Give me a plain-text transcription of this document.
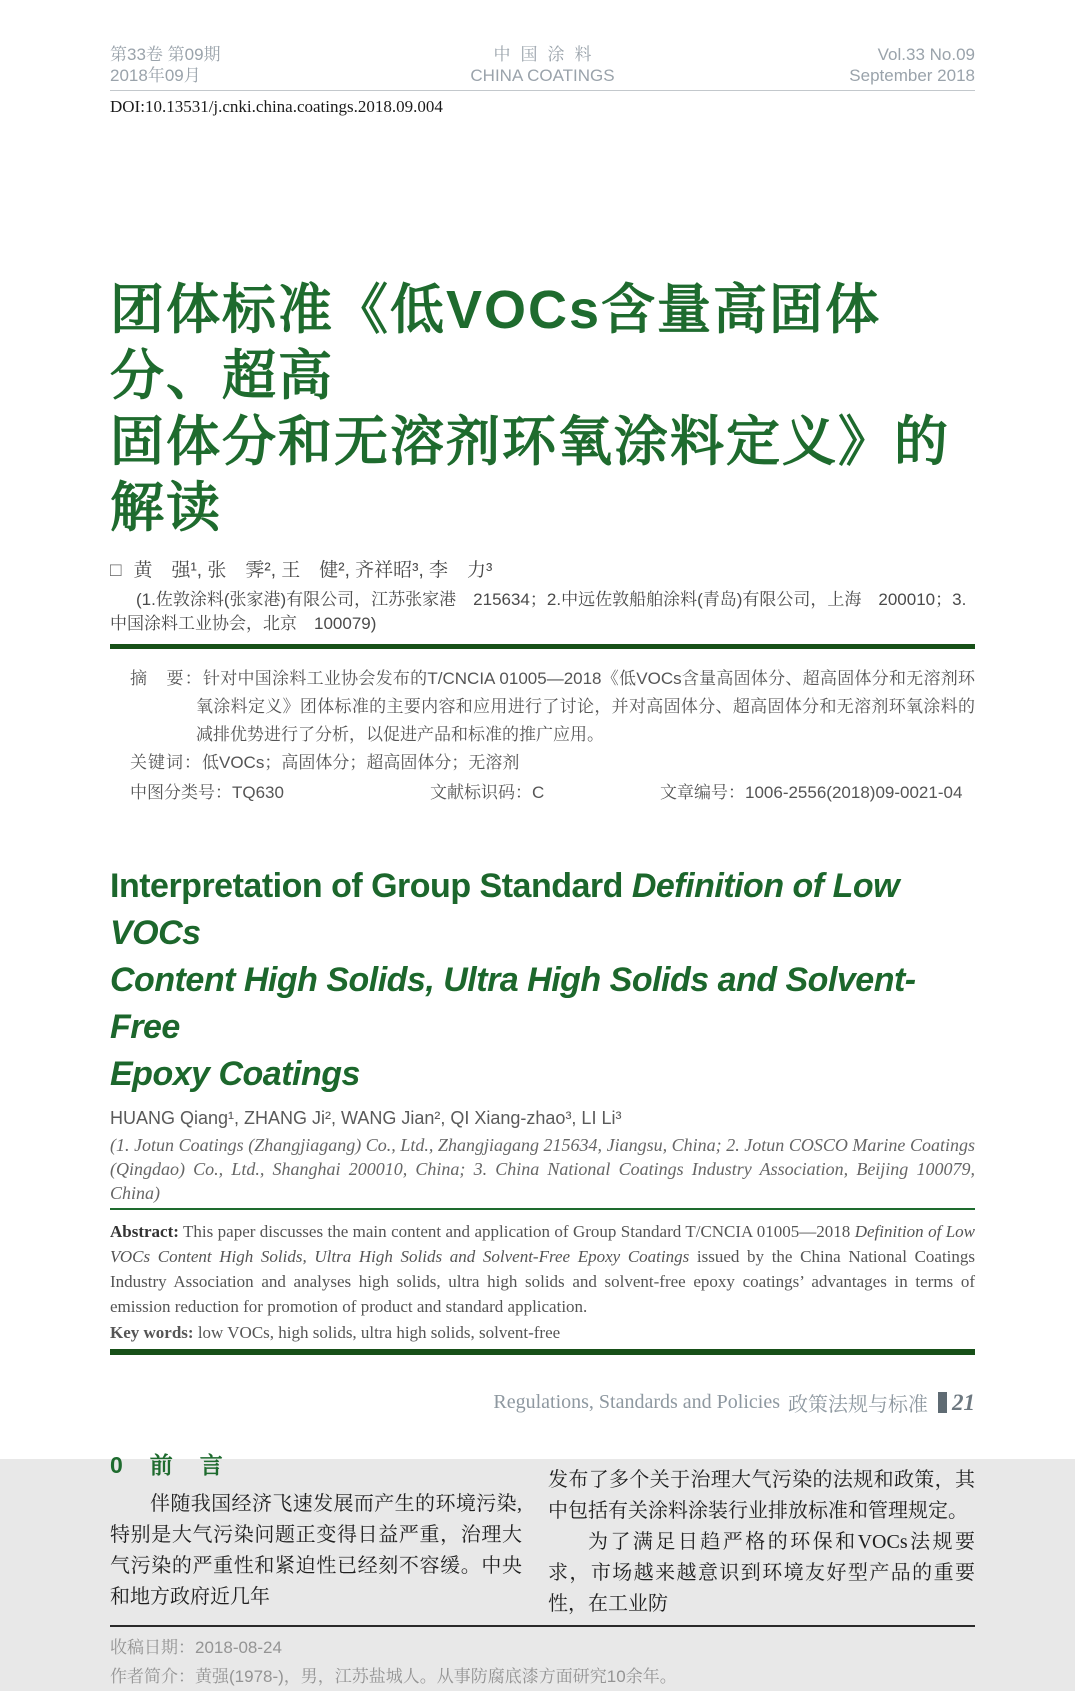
第33卷 第09期
2018年09月
中国涂料
CHINA COATINGS
Vol.33 No.09
September 2018
DOI:10.13531/j.cnki.china.coatings.2018.09.004
团体标准《低VOCs含量高固体分、超高
固体分和无溶剂环氧涂料定义》的解读
□ 黄　强¹, 张　霁², 王　健², 齐祥昭³, 李　力³
(1.佐敦涂料(张家港)有限公司，江苏张家港　215634；2.中远佐敦船舶涂料(青岛)有限公司，上海　200010；3.中国涂料工业协会，北京　100079)

摘　要：针对中国涂料工业协会发布的T/CNCIA 01005—2018《低VOCs含量高固体分、超高固体分和无溶剂环氧涂料定义》团体标准的主要内容和应用进行了讨论，并对高固体分、超高固体分和无溶剂环氧涂料的减排优势进行了分析，以促进产品和标准的推广应用。

关键词：低VOCs；高固体分；超高固体分；无溶剂

中图分类号：TQ630	文献标识码：C	文章编号：1006-2556(2018)09-0021-04
Interpretation of Group Standard Definition of Low VOCs
Content High Solids, Ultra High Solids and Solvent-Free
Epoxy Coatings
HUANG Qiang¹, ZHANG Ji², WANG Jian², QI Xiang-zhao³, LI Li³
(1. Jotun Coatings (Zhangjiagang) Co., Ltd., Zhangjiagang 215634, Jiangsu, China; 2. Jotun COSCO Marine Coatings (Qingdao) Co., Ltd., Shanghai 200010, China; 3. China National Coatings Industry Association, Beijing 100079, China)
Abstract: This paper discusses the main content and application of Group Standard T/CNCIA 01005—2018 Definition of Low VOCs Content High Solids, Ultra High Solids and Solvent-Free Epoxy Coatings issued by the China National Coatings Industry Association and analyses high solids, ultra high solids and solvent-free epoxy coatings’ advantages in terms of emission reduction for promotion of product and standard application.
Key words: low VOCs, high solids, ultra high solids, solvent-free
0　前　言

伴随我国经济飞速发展而产生的环境污染, 特别是大气污染问题正变得日益严重，治理大气污染的严重性和紧迫性已经刻不容缓。中央和地方政府近几年

发布了多个关于治理大气污染的法规和政策，其中包括有关涂料涂装行业排放标准和管理规定。

为了满足日趋严格的环保和VOCs法规要求，市场越来越意识到环境友好型产品的重要性，在工业防

收稿日期：2018-08-24
作者简介：黄强(1978-)，男，江苏盐城人。从事防腐底漆方面研究10余年。
Regulations, Standards and Policies 政策法规与标准 21
